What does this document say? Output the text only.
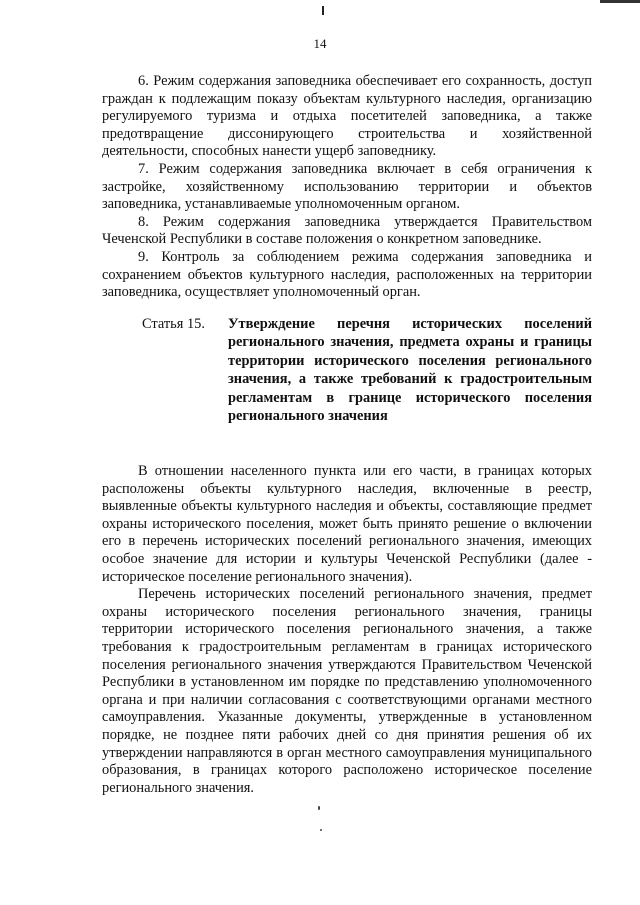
14

6. Режим содержания заповедника обеспечивает его сохранность, доступ граждан к подлежащим показу объектам культурного наследия, организацию регулируемого туризма и отдыха посетителей заповедника, а также предотвращение диссонирующего строительства и хозяйственной деятельности, способных нанести ущерб заповеднику.

7. Режим содержания заповедника включает в себя ограничения к застройке, хозяйственному использованию территории и объектов заповедника, устанавливаемые уполномоченным органом.

8. Режим содержания заповедника утверждается Правительством Чеченской Республики в составе положения о конкретном заповеднике.

9. Контроль за соблюдением режима содержания заповедника и сохранением объектов культурного наследия, расположенных на территории заповедника, осуществляет уполномоченный орган.

Статья 15. Утверждение перечня исторических поселений регионального значения, предмета охраны и границы территории исторического поселения регионального значения, а также требований к градостроительным регламентам в границе исторического поселения регионального значения

В отношении населенного пункта или его части, в границах которых расположены объекты культурного наследия, включенные в реестр, выявленные объекты культурного наследия и объекты, составляющие предмет охраны исторического поселения, может быть принято решение о включении его в перечень исторических поселений регионального значения, имеющих особое значение для истории и культуры Чеченской Республики (далее - историческое поселение регионального значения).

Перечень исторических поселений регионального значения, предмет охраны исторического поселения регионального значения, границы территории исторического поселения регионального значения, а также требования к градостроительным регламентам в границах исторического поселения регионального значения утверждаются Правительством Чеченской Республики в установленном им порядке по представлению уполномоченного органа и при наличии согласования с соответствующими органами местного самоуправления. Указанные документы, утвержденные в установленном порядке, не позднее пяти рабочих дней со дня принятия решения об их утверждении направляются в орган местного самоуправления муниципального образования, в границах которого расположено историческое поселение регионального значения.
